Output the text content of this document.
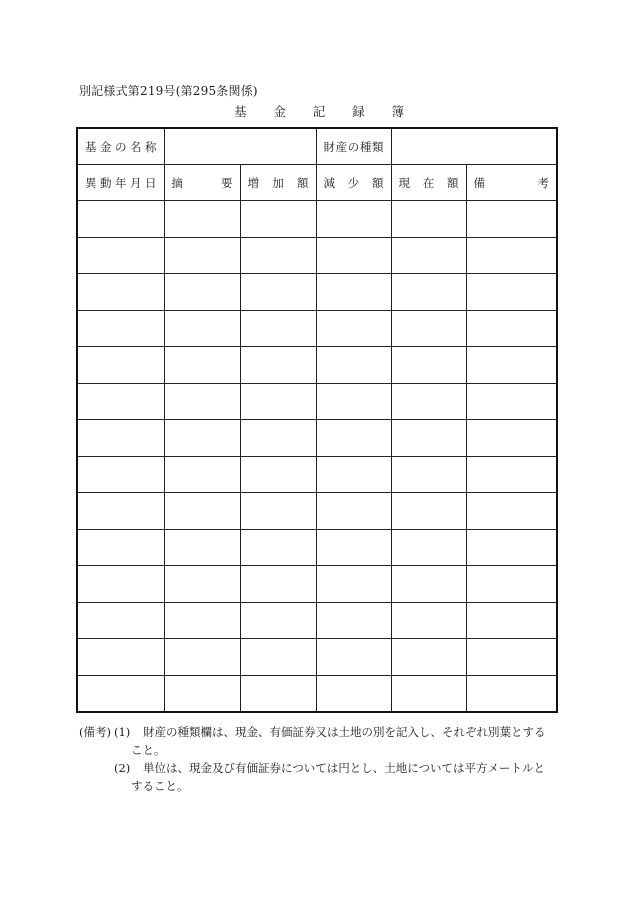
別記様式第219号(第295条関係)
基 金 記 録 簿
基 金 の 名 称			財 産 の 種 類		

異 動 年 月 日	摘 要	増 加 額	減 少 額	現 在 額	備 考

(備考) (1) 財産の種類欄は、現金、有価証券又は土地の別を記入し、それぞれ別葉とする
こと。
(2) 単位は、現金及び有価証券については円とし、土地については平方メートルと
すること。
